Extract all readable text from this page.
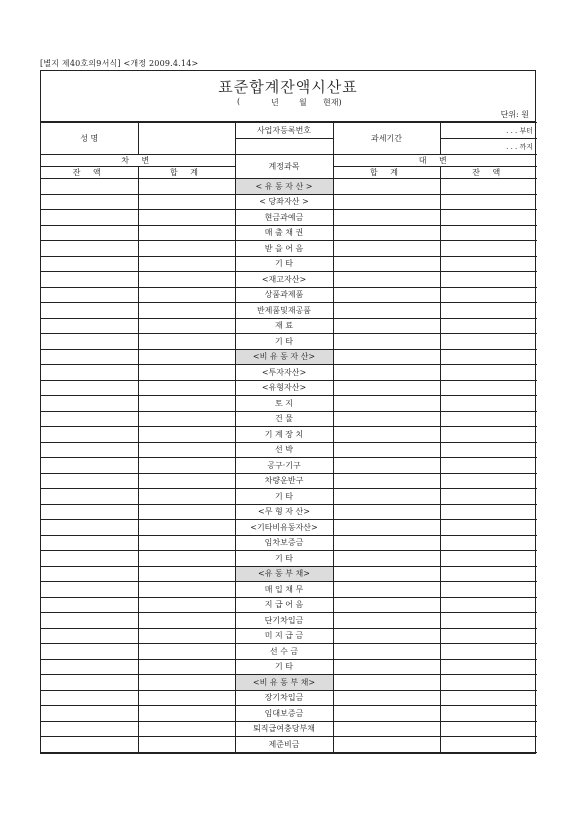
[별지 제40호의9서식] <개정 2009.4.14>
표준합계잔액시산표
(	년	월 현재)
단위: 원
성 명		사업자등록번호	과세기간	. . . 부터
				. . . 까지
차 변		계정과목	대 변	
잔 액	합 계		합 계	잔 액
		< 유 동 자 산 >		
		< 당좌자산 >		
		현금과예금		
		매 출 채 권		
		받 을 어 음		
		기 타		
		<재고자산>		
		상품과제품		
		반제품및재공품		
		재 료		
		기 타		
		<비 유 동 자 산>		
		<투자자산>		
		<유형자산>		
		토 지		
		건 물		
		기 계 장 치		
		선 박		
		공구·기구		
		차량운반구		
		기 타		
		<무 형 자 산>		
		<기타비유동자산>		
		임차보증금		
		기 타		
		<유 동 부 채>		
		매 입 채 무		
		지 급 어 음		
		단기차입금		
		미 지 급 금		
		선 수 금		
		기 타		
		<비 유 동 부 채>		
		장기차입금		
		임대보증금		
		퇴직급여충당부채		
		제준비금		
